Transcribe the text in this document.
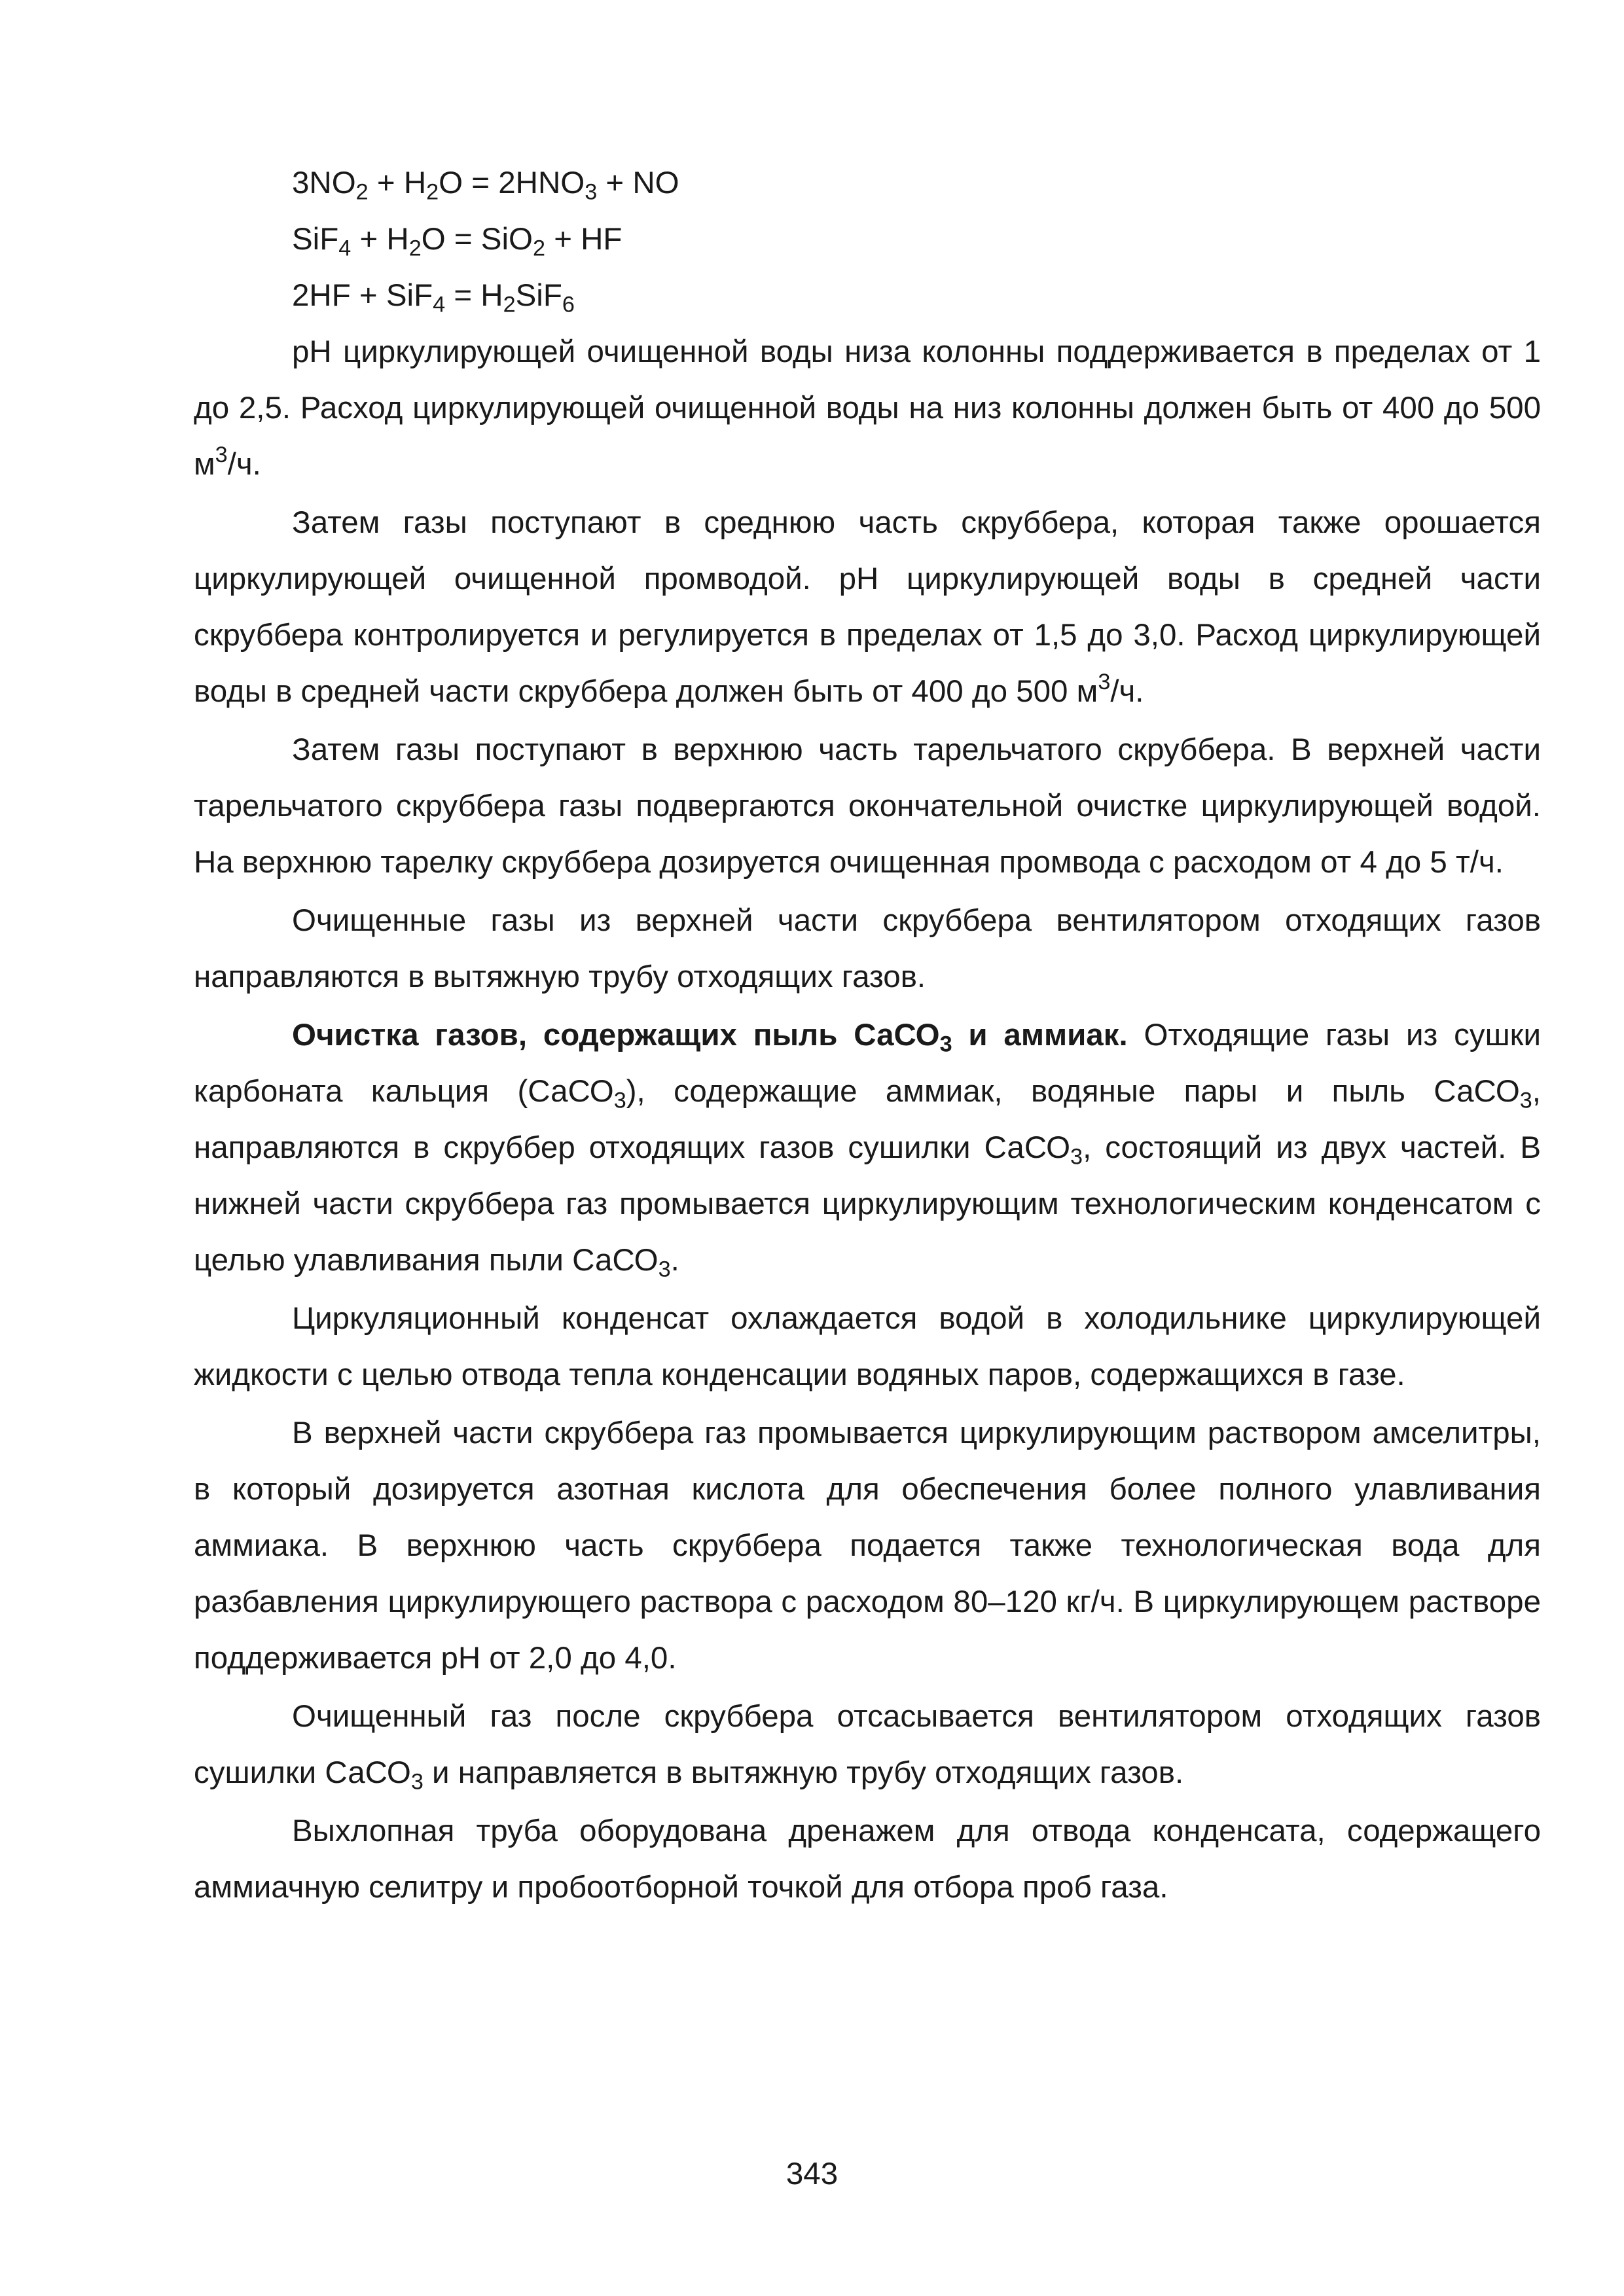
$3NO_2 + H_2O = 2HNO_3$ + NO
$SiF_4 + H_2O = SiO_2$ + HF
$2HF + SiF_4 = H_2SiF_6$

рН циркулирующей очищенной воды низа колонны поддерживается в пределах от 1 до 2,5. Расход циркулирующей очищенной воды на низ колонны должен быть от 400 до 500 $м^3/ч$.

Затем газы поступают в среднюю часть скруббера, которая также орошается циркулирующей очищенной промводой. рН циркулирующей воды в средней части скруббера контролируется и регулируется в пределах от 1,5 до 3,0. Расход циркулирующей воды в средней части скруббера должен быть от 400 до 500 $м^3/ч$.

Затем газы поступают в верхнюю часть тарельчатого скруббера. В верхней части тарельчатого скруббера газы подвергаются окончательной очистке циркулирующей водой. На верхнюю тарелку скруббера дозируется очищенная промвода с расходом от 4 до 5 т/ч.

Очищенные газы из верхней части скруббера вентилятором отходящих газов направляются в вытяжную трубу отходящих газов.

Очистка газов, содержащих пыль СаСО$_3$ и аммиак. Отходящие газы из сушки карбоната кальция (СаСО$_3$), содержащие аммиак, водяные пары и пыль СаСО$_3$, направляются в скруббер отходящих газов сушилки СаСО$_3$, состоящий из двух частей. В нижней части скруббера газ промывается циркулирующим технологическим конденсатом с целью улавливания пыли СаСО$_3$.

Циркуляционный конденсат охлаждается водой в холодильнике циркулирующей жидкости с целью отвода тепла конденсации водяных паров, содержащихся в газе.

В верхней части скруббера газ промывается циркулирующим раствором амселитры, в который дозируется азотная кислота для обеспечения более полного улавливания аммиака. В верхнюю часть скруббера подается также технологическая вода для разбавления циркулирующего раствора с расходом 80–120 кг/ч. В циркулирующем растворе поддерживается рН от 2,0 до 4,0.

Очищенный газ после скруббера отсасывается вентилятором отходящих газов сушилки СаСО$_3$ и направляется в вытяжную трубу отходящих газов.

Выхлопная труба оборудована дренажем для отвода конденсата, содержащего аммиачную селитру и пробоотборной точкой для отбора проб газа.

343
